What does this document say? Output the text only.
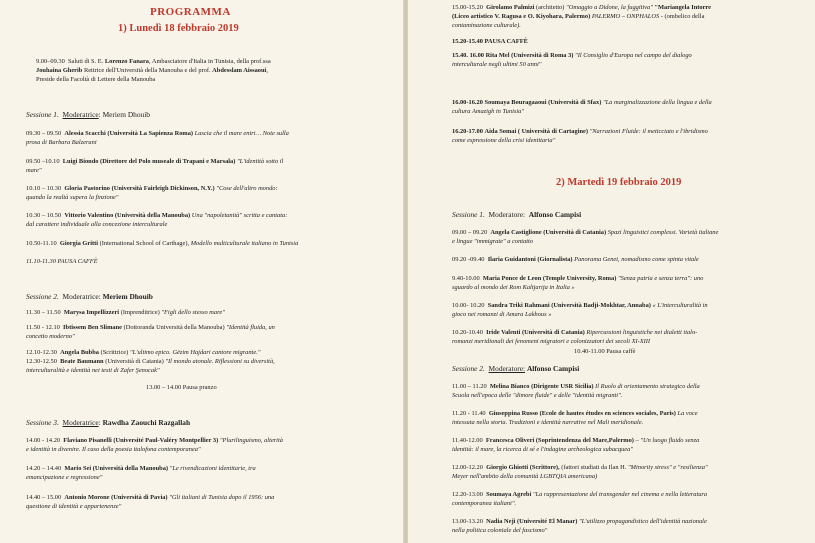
PROGRAMMA
1) Lunedì 18 febbraio 2019
9.00–09.30 Saluti di S. E. Lorenzo Fanara, Ambasciatore d'Italia in Tunisia, della prof.ssa
Jouhaina Gherib Rettrice dell'Università della Manouba e del prof. Abdesslam Aissaoui,
Preside della Facoltà di Lettere della Manouba
Sessione 1. Moderatrice: Meriem Dhouib
09.30 – 09.50 Alessia Scacchi (Università La Sapienza Roma) Lascia che il mare entri… Note sulla
prosa di Barbara Balzerani
09.50 –10.10 Luigi Biondo (Direttore del Polo museale di Trapani e Marsala) "L'identità sotto il
mare"
10.10 – 10.30 Gloria Pastorino (Università Fairleigh Dickinson, N.Y.) "Cose dell'altro mondo:
quando la realtà supera la finzione"
10.30 – 10.50 Vittorio Valentino (Università della Manouba) Una "napoletanità" scritta e cantata:
dal carattere individuale alla concezione interculturale
10.50-11.10 Giorgia Gritti (International School of Carthage), Modello multiculturale italiano in Tunisia
11.10-11.30 PAUSA CAFFÈ
Sessione 2. Moderatrice: Meriem Dhouib
11.30 – 11.50 Marysa Impellizzeri (Imprenditrice) "Figli dello stesso mare"
11.50 - 12.10 Ibtissem Ben Slimane (Dottoranda Università della Manouba) "Identità fluida, un
concetto moderno"
12.10-12.30 Angela Bubba (Scrittrice) "L'ultimo epico. Gëzim Hajdari cantore migrante."
12.30-12.50 Beate Baumann (Università di Catania) "Il mondo atonale. Riflessioni su diversità,
interculturalità e identità nei testi di Zafer Şenocak"
13.00 – 14.00 Pausa pranzo
Sessione 3. Moderatrice: Rawdha Zaouchi Razgallah
14.00 - 14.20 Flaviano Pisanelli (Université Paul-Valéry Montpellier 3) "Plurilinguismo, alterità
e identità in divenire. Il caso della poesia italofona contemporanea"
14.20 – 14.40 Mario Sei (Università della Manouba) "Le rivendicazioni identitarie, tra
emancipazione e regressione"
14.40 – 15.00 Antonio Morone (Università di Pavia) "Gli italiani di Tunisia dopo il 1956: una
questione di identità e appartenenze"
15.00-15.20 Girolamo Palmizi (architetto) "Omaggio a Didone, la fuggitiva" "Mariangela Intorre
(Liceo artistico V. Ragusa e O. Kiyohara, Palermo) PALERMO – ONPHALOS - (ombelico della
contaminazione culturale).
15.20-15.40 PAUSA CAFFÈ
15.40. 16.00 Rita Mel (Università di Roma 3) "Il Consiglio d'Europa nel campo del dialogo
interculturale negli ultimi 50 anni"
16.00-16.20 Soumaya Bouragaaoui (Università di Sfax) "La marginalizzazione della lingua e della
cultura Amazigh in Tunisia"
16.20-17.00 Aida Somai ( Università di Cartagine) "Narrazioni Fluide: il meticciato e l'ibridismo
come espressione della crisi identitaria"
2) Martedì 19 febbraio 2019
Sessione 1. Moderatore: Alfonso Campisi
09.00 – 09.20 Angela Castiglione (Università di Catania) Spazi linguistici complessi. Varietà italiane
e lingue "immigrate" a contatto
09.20 -09.40 Ilaria Guidantoni (Giornalista) Panorama Genet, nomadismo come spinta vitale
9.40-10.00 Maria Ponce de Leon (Temple University, Roma) "Senza patria e senza terra": uno
sguardo al mondo dei Rom Kaltjarija in Italia »
10.00- 10.20 Sandra Triki Rahmani (Università Badji-Mokhtar, Annaba) « L'interculturalità in
gioco nei romanzi di Amara Lakhous »
10.20-10.40 Iride Valenti (Università di Catania) Ripercussioni linguistiche nei dialetti italo-
romanzi meridionali dei fenomeni migratori e colonizzatori dei secoli XI-XIII
10.40-11.00 Pausa caffè
Sessione 2. Moderatore: Alfonso Campisi
11.00 – 11.20 Melina Bianco (Dirigente USR Sicilia) Il Ruolo di orientamento strategico della
Scuola nell'epoca delle "dimore fluide" e delle "identità migranti".
11.20 - 11.40 Giuseppina Russo (Ecole de hautes études en sciences sociales, Paris) La voce
intessuta nella storia. Tradizioni e identità narrative nel Mali meridionale.
11.40-12.00 Francesca Oliveri (Soprintendenza del Mare,Palermo) – "Un luogo fluido senza
identità: il mare, la ricerca di sé e l'indagine archeologica subacquea"
12.00-12.20 Giorgio Ghiotti (Scrittore), (fattori studiati da Ilan H. "Minority stress" e "resilienza"
Meyer nell'ambito della comunità LGBTQIA americana)
12.20-13.00 Soumaya Agrebi "La rappresentazione del transgender nel cinema e nella letteratura
contemporanea italiani".
13.00-13.20 Nadia Neji (Université El Manar) "L'utilizzo propagandistico dell'identità nazionale
nella politica coloniale del fascismo"
